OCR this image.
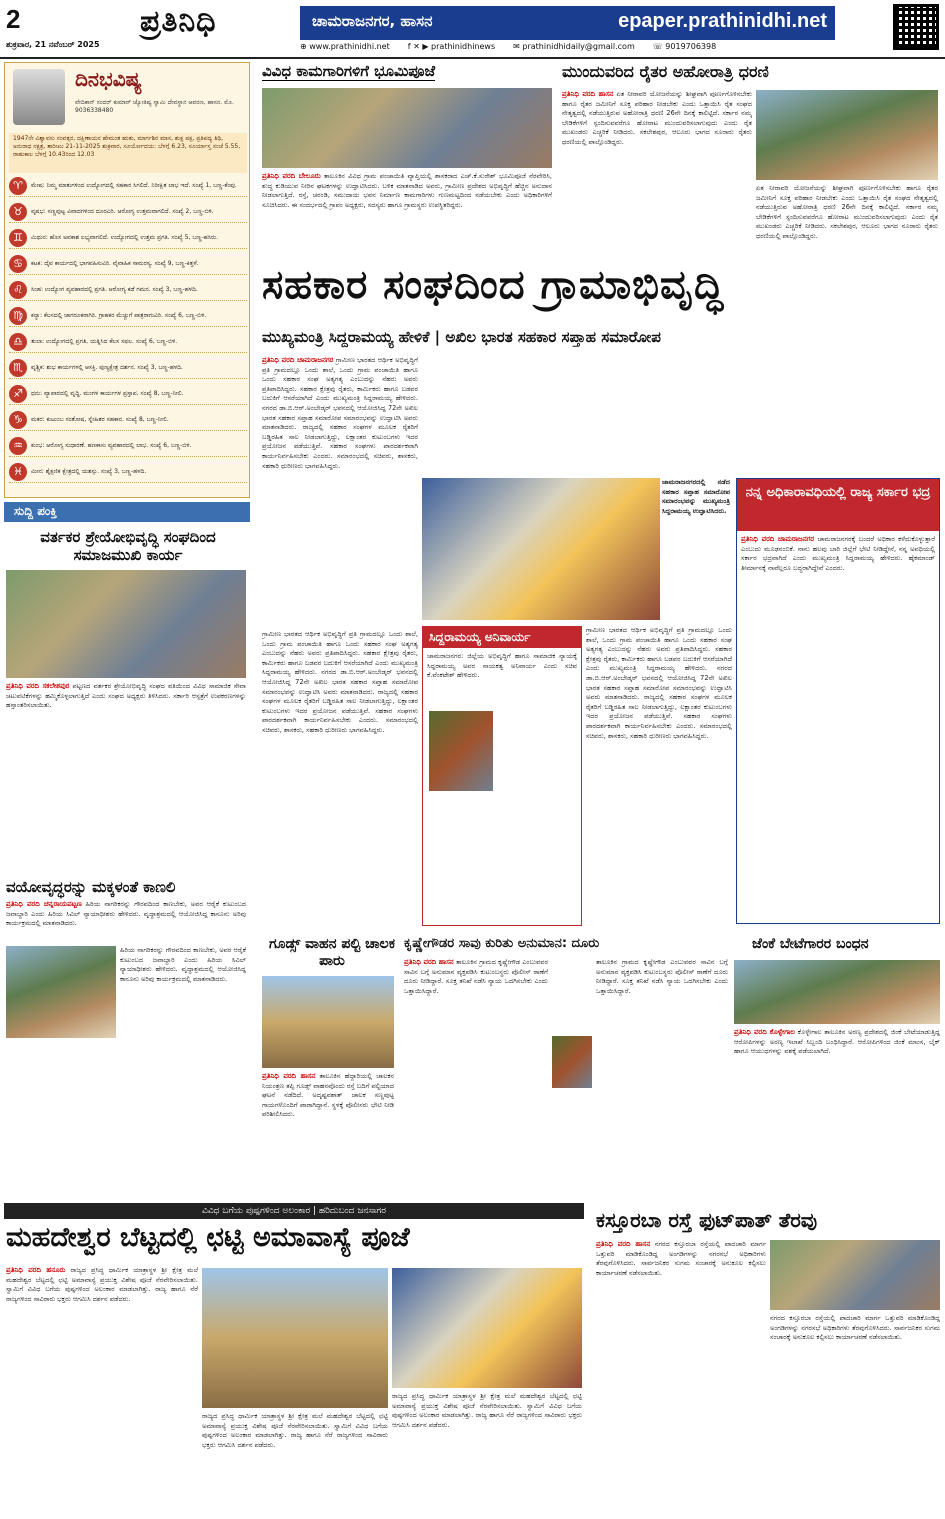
2
ಶುಕ್ರವಾರ, 21 ನವೆಂಬರ್ 2025
ಪ್ರತಿನಿಧಿ	ಚಾಮರಾಜನಗರ, ಹಾಸನ	epaper.prathinidhi.net
⊕ www.prathinidhi.net f ✕ ▶ prathinidhinews ✉ prathinidhidaily@gmail.com ☏ 9019706398
ದಿನಭವಿಷ್ಯ
ವೇದಿಕಾನ್ ಸಂದರ್ ಕುಮಾರ್ ಜ್ಯೋತಿಷ್ಯ ಸ್ವಾಮಿ ದೇವಸ್ಥಾನ ಆವರಣ, ಹಾಸನ. ಮೊ. 9036338480
1947ನೇ ವಿಶ್ವಾವಸು ಸಂವತ್ಸರ, ದಕ್ಷಿಣಾಯನ ಹೇಮಂತ ಋತು, ಮಾರ್ಗಶಿರ ಮಾಸ, ಶುಕ್ಲ ಪಕ್ಷ, ಪ್ರತಿಪದ್ಯ ತಿಥಿ, ಅನುರಾಧ ನಕ್ಷತ್ರ, ತಾರೀಖು 21-11-2025 ಶುಕ್ರವಾರ, ಸೂರ್ಯೋದಯ: ಬೆಳಗ್ಗೆ 6.23, ಸೂರ್ಯಾಸ್ತ ಸಂಜೆ 5.55, ರಾಹುಕಾಲ ಬೆಳಗ್ಗೆ 10.43ರಿಂದ 12.03
♈	ಮೇಷ: ನಿಮ್ಮ ಮಾತುಗಳಿಂದ ಉದ್ಯೋಗದಲ್ಲಿ ಸಹಕಾರ ಸಿಗಲಿದೆ. ನಿರೀಕ್ಷಿತ ಲಾಭ ಇದೆ. ಸಂಖ್ಯೆ 1, ಬಣ್ಣ-ಕೆಂಪು.
♉	ವೃಷಭ: ಸಣ್ಣಪುಟ್ಟ ವಿವಾದಗಳಿಂದ ದೂರವಿರಿ. ಆರೋಗ್ಯ ಉತ್ತಮವಾಗಲಿದೆ. ಸಂಖ್ಯೆ 2, ಬಣ್ಣ-ಬಿಳಿ.
♊	ಮಿಥುನ: ಹೊಸ ಅವಕಾಶ ಲಭ್ಯವಾಗಲಿದೆ. ಉದ್ಯೋಗದಲ್ಲಿ ಉತ್ತಮ ಪ್ರಗತಿ. ಸಂಖ್ಯೆ 5, ಬಣ್ಣ-ಹಸಿರು.
♋	ಕಟಕ: ದೈವ ಕಾರ್ಯದಲ್ಲಿ ಭಾಗವಹಿಸುವಿರಿ. ವೈವಾಹಿಕ ಸಾಮರಸ್ಯ. ಸಂಖ್ಯೆ 9, ಬಣ್ಣ-ಕಿತ್ತಳೆ.
♌	ಸಿಂಹ: ಉದ್ಯೋಗ ವ್ಯವಹಾರದಲ್ಲಿ ಪ್ರಗತಿ. ಆರೋಗ್ಯ ಕಡೆ ಗಮನ. ಸಂಖ್ಯೆ 3, ಬಣ್ಣ-ಹಳದಿ.
♍	ಕನ್ಯಾ: ಕೆಲಸದಲ್ಲಿ ಜಾಗರೂಕರಾಗಿರಿ. ಗ್ರಾಹಕರ ಮೆಚ್ಚುಗೆ ಪಾತ್ರರಾಗುವಿರಿ. ಸಂಖ್ಯೆ 6, ಬಣ್ಣ-ಬಿಳಿ.
♎	ತುಲಾ: ಉದ್ಯೋಗದಲ್ಲಿ ಪ್ರಗತಿ, ಯತ್ನಿಸಿದ ಕೆಲಸ ಸಫಲ. ಸಂಖ್ಯೆ 6, ಬಣ್ಣ-ಬಿಳಿ.
♏	ವೃಶ್ಚಿಕ: ಶುಭ ಕಾರ್ಯಗಳಲ್ಲಿ ಆಸಕ್ತಿ. ಪುಣ್ಯಕ್ಷೇತ್ರ ದರ್ಶನ. ಸಂಖ್ಯೆ 3, ಬಣ್ಣ-ಹಳದಿ.
♐	ಧನು: ವ್ಯಾಪಾರದಲ್ಲಿ ವೃದ್ಧಿ. ಮಂಗಳ ಕಾರ್ಯಗಳ ಪ್ರಸ್ತಾಪ. ಸಂಖ್ಯೆ 8, ಬಣ್ಣ-ನೀಲಿ.
♑	ಮಕರ: ಕುಟುಂಬ ಸಂತೋಷ, ಸ್ನೇಹಿತರ ಸಹಕಾರ. ಸಂಖ್ಯೆ 8, ಬಣ್ಣ-ನೀಲಿ.
♒	ಕುಂಭ: ಆರೋಗ್ಯ ಸುಧಾರಣೆ. ಹಣಕಾಸು ವ್ಯವಹಾರದಲ್ಲಿ ಲಾಭ. ಸಂಖ್ಯೆ 6, ಬಣ್ಣ-ಬಿಳಿ.
♓	ಮೀನ: ಶೈಕ್ಷಣಿಕ ಕ್ಷೇತ್ರದಲ್ಲಿ ಯಶಸ್ಸು. ಸಂಖ್ಯೆ 3, ಬಣ್ಣ-ಹಳದಿ.
ಸುದ್ದಿ ಪಂಕ್ತಿ
ವರ್ತಕರ ಶ್ರೇಯೋಭಿವೃದ್ಧಿ ಸಂಘದಿಂದ ಸಮಾಜಮುಖಿ ಕಾರ್ಯ
ಪ್ರತಿನಿಧಿ ವರದಿ ಸಕಲೇಶಪುರ ಪಟ್ಟಣದ ವರ್ತಕರ ಶ್ರೇಯೋಭಿವೃದ್ಧಿ ಸಂಘದ ವತಿಯಿಂದ ವಿವಿಧ ಸಾಮಾಜಿಕ ಸೇವಾ ಚಟುವಟಿಕೆಗಳನ್ನು ಹಮ್ಮಿಕೊಳ್ಳಲಾಗುತ್ತಿದೆ ಎಂದು ಸಂಘದ ಅಧ್ಯಕ್ಷರು ತಿಳಿಸಿದರು. ಸರ್ಕಾರಿ ಆಸ್ಪತ್ರೆಗೆ ಉಪಕರಣಗಳನ್ನು ಹಸ್ತಾಂತರಿಸಲಾಯಿತು.
ವಯೋವೃದ್ಧರನ್ನು ಮಕ್ಕಳಂತೆ ಕಾಣಲಿ
ಪ್ರತಿನಿಧಿ ವರದಿ ಚನ್ನರಾಯಪಟ್ಟಣ ಹಿರಿಯ ನಾಗರಿಕರನ್ನು ಗೌರವದಿಂದ ಕಾಣಬೇಕು, ಅವರ ಆರೈಕೆ ಕುಟುಂಬದ ಜವಾಬ್ದಾರಿ ಎಂದು ಹಿರಿಯ ಸಿವಿಲ್ ನ್ಯಾಯಾಧೀಶರು ಹೇಳಿದರು. ವೃದ್ಧಾಶ್ರಮದಲ್ಲಿ ಆಯೋಜಿಸಿದ್ದ ಕಾನೂನು ಅರಿವು ಕಾರ್ಯಕ್ರಮದಲ್ಲಿ ಮಾತನಾಡಿದರು.
ಹಿರಿಯ ನಾಗರಿಕರನ್ನು ಗೌರವದಿಂದ ಕಾಣಬೇಕು, ಅವರ ಆರೈಕೆ ಕುಟುಂಬದ ಜವಾಬ್ದಾರಿ ಎಂದು ಹಿರಿಯ ಸಿವಿಲ್ ನ್ಯಾಯಾಧೀಶರು ಹೇಳಿದರು. ವೃದ್ಧಾಶ್ರಮದಲ್ಲಿ ಆಯೋಜಿಸಿದ್ದ ಕಾನೂನು ಅರಿವು ಕಾರ್ಯಕ್ರಮದಲ್ಲಿ ಮಾತನಾಡಿದರು.
ವಿವಿಧ ಕಾಮಗಾರಿಗಳಿಗೆ ಭೂಮಿಪೂಜೆ
ಪ್ರತಿನಿಧಿ ವರದಿ ಬೇಲೂರು ತಾಲೂಕಿನ ವಿವಿಧ ಗ್ರಾಮ ಪಂಚಾಯಿತಿ ವ್ಯಾಪ್ತಿಯಲ್ಲಿ ಶಾಸಕರಾದ ಎಚ್.ಕೆ.ಸುರೇಶ್ ಭೂಮಿಪೂಜೆ ನೆರವೇರಿಸಿ, ಶುದ್ಧ ಕುಡಿಯುವ ನೀರಿನ ಘಟಕಗಳನ್ನು ಉದ್ಘಾಟಿಸಿದರು. ಬಳಿಕ ಮಾತನಾಡಿದ ಅವರು, ಗ್ರಾಮೀಣ ಪ್ರದೇಶದ ಅಭಿವೃದ್ಧಿಗೆ ಹೆಚ್ಚಿನ ಅನುದಾನ ನೀಡಲಾಗುತ್ತಿದೆ. ರಸ್ತೆ, ಚರಂಡಿ, ಸಮುದಾಯ ಭವನ ನಿರ್ಮಾಣ ಕಾಮಗಾರಿಗಳು ಗುಣಮಟ್ಟದಿಂದ ನಡೆಯಬೇಕು ಎಂದು ಅಧಿಕಾರಿಗಳಿಗೆ ಸೂಚಿಸಿದರು. ಈ ಸಂದರ್ಭದಲ್ಲಿ ಗ್ರಾಪಂ ಅಧ್ಯಕ್ಷರು, ಸದಸ್ಯರು ಹಾಗೂ ಗ್ರಾಮಸ್ಥರು ಉಪಸ್ಥಿತರಿದ್ದರು.
ಮುಂದುವರಿದ ರೈತರ ಅಹೋರಾತ್ರಿ ಧರಣಿ
ಪ್ರತಿನಿಧಿ ವರದಿ ಹಾಸನ ಏತ ನೀರಾವರಿ ಯೋಜನೆಯನ್ನು ಶೀಘ್ರವಾಗಿ ಪೂರ್ಣಗೊಳಿಸಬೇಕು ಹಾಗೂ ರೈತರ ಜಮೀನಿಗೆ ಸೂಕ್ತ ಪರಿಹಾರ ನೀಡಬೇಕು ಎಂದು ಒತ್ತಾಯಿಸಿ ರೈತ ಸಂಘದ ನೇತೃತ್ವದಲ್ಲಿ ನಡೆಯುತ್ತಿರುವ ಅಹೋರಾತ್ರಿ ಧರಣಿ 26ನೇ ದಿನಕ್ಕೆ ಕಾಲಿಟ್ಟಿದೆ. ಸರ್ಕಾರ ನಮ್ಮ ಬೇಡಿಕೆಗಳಿಗೆ ಸ್ಪಂದಿಸುವವರೆಗೂ ಹೋರಾಟ ಮುಂದುವರಿಸಲಾಗುವುದು ಎಂದು ರೈತ ಮುಖಂಡರು ಎಚ್ಚರಿಕೆ ನೀಡಿದರು. ಸಕಲೇಶಪುರ, ಆಲೂರು ಭಾಗದ ನೂರಾರು ರೈತರು ಧರಣಿಯಲ್ಲಿ ಪಾಲ್ಗೊಂಡಿದ್ದರು.
ಏತ ನೀರಾವರಿ ಯೋಜನೆಯನ್ನು ಶೀಘ್ರವಾಗಿ ಪೂರ್ಣಗೊಳಿಸಬೇಕು ಹಾಗೂ ರೈತರ ಜಮೀನಿಗೆ ಸೂಕ್ತ ಪರಿಹಾರ ನೀಡಬೇಕು ಎಂದು ಒತ್ತಾಯಿಸಿ ರೈತ ಸಂಘದ ನೇತೃತ್ವದಲ್ಲಿ ನಡೆಯುತ್ತಿರುವ ಅಹೋರಾತ್ರಿ ಧರಣಿ 26ನೇ ದಿನಕ್ಕೆ ಕಾಲಿಟ್ಟಿದೆ. ಸರ್ಕಾರ ನಮ್ಮ ಬೇಡಿಕೆಗಳಿಗೆ ಸ್ಪಂದಿಸುವವರೆಗೂ ಹೋರಾಟ ಮುಂದುವರಿಸಲಾಗುವುದು ಎಂದು ರೈತ ಮುಖಂಡರು ಎಚ್ಚರಿಕೆ ನೀಡಿದರು. ಸಕಲೇಶಪುರ, ಆಲೂರು ಭಾಗದ ನೂರಾರು ರೈತರು ಧರಣಿಯಲ್ಲಿ ಪಾಲ್ಗೊಂಡಿದ್ದರು.
ಸಹಕಾರ ಸಂಘದಿಂದ ಗ್ರಾಮಾಭಿವೃದ್ಧಿ
ಮುಖ್ಯಮಂತ್ರಿ ಸಿದ್ದರಾಮಯ್ಯ ಹೇಳಿಕೆ | ಅಖಿಲ ಭಾರತ ಸಹಕಾರ ಸಪ್ತಾಹ ಸಮಾರೋಪ
ಪ್ರತಿನಿಧಿ ವರದಿ ಚಾಮರಾಜನಗರ ಗ್ರಾಮೀಣ ಭಾರತದ ಆರ್ಥಿಕ ಅಭಿವೃದ್ಧಿಗೆ ಪ್ರತಿ ಗ್ರಾಮದಲ್ಲೂ ಒಂದು ಶಾಲೆ, ಒಂದು ಗ್ರಾಮ ಪಂಚಾಯಿತಿ ಹಾಗೂ ಒಂದು ಸಹಕಾರ ಸಂಘ ಅತ್ಯಗತ್ಯ ಎಂಬುದನ್ನು ನೆಹರು ಅವರು ಪ್ರತಿಪಾದಿಸಿದ್ದರು. ಸಹಕಾರ ಕ್ಷೇತ್ರವು ರೈತರು, ಕಾರ್ಮಿಕರು ಹಾಗೂ ಬಡವರ ಬದುಕಿಗೆ ಆಸರೆಯಾಗಿದೆ ಎಂದು ಮುಖ್ಯಮಂತ್ರಿ ಸಿದ್ದರಾಮಯ್ಯ ಹೇಳಿದರು. ನಗರದ ಡಾ.ಬಿ.ಆರ್.ಅಂಬೇಡ್ಕರ್ ಭವನದಲ್ಲಿ ಆಯೋಜಿಸಿದ್ದ 72ನೇ ಅಖಿಲ ಭಾರತ ಸಹಕಾರ ಸಪ್ತಾಹ ಸಮಾರೋಪ ಸಮಾರಂಭವನ್ನು ಉದ್ಘಾಟಿಸಿ ಅವರು ಮಾತನಾಡಿದರು. ರಾಜ್ಯದಲ್ಲಿ ಸಹಕಾರ ಸಂಘಗಳ ಮೂಲಕ ರೈತರಿಗೆ ಬಡ್ಡಿರಹಿತ ಸಾಲ ನೀಡಲಾಗುತ್ತಿದ್ದು, ಲಕ್ಷಾಂತರ ಕುಟುಂಬಗಳು ಇದರ ಪ್ರಯೋಜನ ಪಡೆಯುತ್ತಿವೆ. ಸಹಕಾರ ಸಂಘಗಳು ಪಾರದರ್ಶಕವಾಗಿ ಕಾರ್ಯನಿರ್ವಹಿಸಬೇಕು ಎಂದರು. ಸಮಾರಂಭದಲ್ಲಿ ಸಚಿವರು, ಶಾಸಕರು, ಸಹಕಾರಿ ಧುರೀಣರು ಭಾಗವಹಿಸಿದ್ದರು.
ಚಾಮರಾಜನಗರದಲ್ಲಿ ನಡೆದ ಸಹಕಾರ ಸಪ್ತಾಹ ಸಮಾರೋಪ ಸಮಾರಂಭವನ್ನು ಮುಖ್ಯಮಂತ್ರಿ ಸಿದ್ದರಾಮಯ್ಯ ಉದ್ಘಾಟಿಸಿದರು.
ನನ್ನ ಅಧಿಕಾರಾವಧಿಯಲ್ಲಿ ರಾಜ್ಯ ಸರ್ಕಾರ ಭದ್ರ
ಪ್ರತಿನಿಧಿ ವರದಿ ಚಾಮರಾಜನಗರ ಚಾಮರಾಜನಗರಕ್ಕೆ ಬಂದರೆ ಅಧಿಕಾರ ಕಳೆದುಕೊಳ್ಳುತ್ತಾರೆ ಎಂಬುದು ಮೂಢನಂಬಿಕೆ. ನಾನು ಹಲವು ಬಾರಿ ಜಿಲ್ಲೆಗೆ ಭೇಟಿ ನೀಡಿದ್ದೇನೆ, ನನ್ನ ಅವಧಿಯಲ್ಲಿ ಸರ್ಕಾರ ಭದ್ರವಾಗಿದೆ ಎಂದು ಮುಖ್ಯಮಂತ್ರಿ ಸಿದ್ದರಾಮಯ್ಯ ಹೇಳಿದರು. ಹೈಕಮಾಂಡ್ ತೀರ್ಮಾನಕ್ಕೆ ನಾವೆಲ್ಲರೂ ಬದ್ಧರಾಗಿದ್ದೇವೆ ಎಂದರು.
ಗ್ರಾಮೀಣ ಭಾರತದ ಆರ್ಥಿಕ ಅಭಿವೃದ್ಧಿಗೆ ಪ್ರತಿ ಗ್ರಾಮದಲ್ಲೂ ಒಂದು ಶಾಲೆ, ಒಂದು ಗ್ರಾಮ ಪಂಚಾಯಿತಿ ಹಾಗೂ ಒಂದು ಸಹಕಾರ ಸಂಘ ಅತ್ಯಗತ್ಯ ಎಂಬುದನ್ನು ನೆಹರು ಅವರು ಪ್ರತಿಪಾದಿಸಿದ್ದರು. ಸಹಕಾರ ಕ್ಷೇತ್ರವು ರೈತರು, ಕಾರ್ಮಿಕರು ಹಾಗೂ ಬಡವರ ಬದುಕಿಗೆ ಆಸರೆಯಾಗಿದೆ ಎಂದು ಮುಖ್ಯಮಂತ್ರಿ ಸಿದ್ದರಾಮಯ್ಯ ಹೇಳಿದರು. ನಗರದ ಡಾ.ಬಿ.ಆರ್.ಅಂಬೇಡ್ಕರ್ ಭವನದಲ್ಲಿ ಆಯೋಜಿಸಿದ್ದ 72ನೇ ಅಖಿಲ ಭಾರತ ಸಹಕಾರ ಸಪ್ತಾಹ ಸಮಾರೋಪ ಸಮಾರಂಭವನ್ನು ಉದ್ಘಾಟಿಸಿ ಅವರು ಮಾತನಾಡಿದರು. ರಾಜ್ಯದಲ್ಲಿ ಸಹಕಾರ ಸಂಘಗಳ ಮೂಲಕ ರೈತರಿಗೆ ಬಡ್ಡಿರಹಿತ ಸಾಲ ನೀಡಲಾಗುತ್ತಿದ್ದು, ಲಕ್ಷಾಂತರ ಕುಟುಂಬಗಳು ಇದರ ಪ್ರಯೋಜನ ಪಡೆಯುತ್ತಿವೆ. ಸಹಕಾರ ಸಂಘಗಳು ಪಾರದರ್ಶಕವಾಗಿ ಕಾರ್ಯನಿರ್ವಹಿಸಬೇಕು ಎಂದರು. ಸಮಾರಂಭದಲ್ಲಿ ಸಚಿವರು, ಶಾಸಕರು, ಸಹಕಾರಿ ಧುರೀಣರು ಭಾಗವಹಿಸಿದ್ದರು.
ಸಿದ್ದರಾಮಯ್ಯ ಅನಿವಾರ್ಯ
ಚಾಮರಾಜನಗರ: ಜಿಲ್ಲೆಯ ಅಭಿವೃದ್ಧಿಗೆ ಹಾಗೂ ಸಾಮಾಜಿಕ ನ್ಯಾಯಕ್ಕೆ ಸಿದ್ದರಾಮಯ್ಯ ಅವರ ನಾಯಕತ್ವ ಅನಿವಾರ್ಯ ಎಂದು ಸಚಿವ ಕೆ.ವೆಂಕಟೇಶ್ ಹೇಳಿದರು.
ಗ್ರಾಮೀಣ ಭಾರತದ ಆರ್ಥಿಕ ಅಭಿವೃದ್ಧಿಗೆ ಪ್ರತಿ ಗ್ರಾಮದಲ್ಲೂ ಒಂದು ಶಾಲೆ, ಒಂದು ಗ್ರಾಮ ಪಂಚಾಯಿತಿ ಹಾಗೂ ಒಂದು ಸಹಕಾರ ಸಂಘ ಅತ್ಯಗತ್ಯ ಎಂಬುದನ್ನು ನೆಹರು ಅವರು ಪ್ರತಿಪಾದಿಸಿದ್ದರು. ಸಹಕಾರ ಕ್ಷೇತ್ರವು ರೈತರು, ಕಾರ್ಮಿಕರು ಹಾಗೂ ಬಡವರ ಬದುಕಿಗೆ ಆಸರೆಯಾಗಿದೆ ಎಂದು ಮುಖ್ಯಮಂತ್ರಿ ಸಿದ್ದರಾಮಯ್ಯ ಹೇಳಿದರು. ನಗರದ ಡಾ.ಬಿ.ಆರ್.ಅಂಬೇಡ್ಕರ್ ಭವನದಲ್ಲಿ ಆಯೋಜಿಸಿದ್ದ 72ನೇ ಅಖಿಲ ಭಾರತ ಸಹಕಾರ ಸಪ್ತಾಹ ಸಮಾರೋಪ ಸಮಾರಂಭವನ್ನು ಉದ್ಘಾಟಿಸಿ ಅವರು ಮಾತನಾಡಿದರು. ರಾಜ್ಯದಲ್ಲಿ ಸಹಕಾರ ಸಂಘಗಳ ಮೂಲಕ ರೈತರಿಗೆ ಬಡ್ಡಿರಹಿತ ಸಾಲ ನೀಡಲಾಗುತ್ತಿದ್ದು, ಲಕ್ಷಾಂತರ ಕುಟುಂಬಗಳು ಇದರ ಪ್ರಯೋಜನ ಪಡೆಯುತ್ತಿವೆ. ಸಹಕಾರ ಸಂಘಗಳು ಪಾರದರ್ಶಕವಾಗಿ ಕಾರ್ಯನಿರ್ವಹಿಸಬೇಕು ಎಂದರು. ಸಮಾರಂಭದಲ್ಲಿ ಸಚಿವರು, ಶಾಸಕರು, ಸಹಕಾರಿ ಧುರೀಣರು ಭಾಗವಹಿಸಿದ್ದರು.
ಗೂಡ್ಸ್ ವಾಹನ ಪಲ್ಟಿ ಚಾಲಕ ಪಾರು
ಪ್ರತಿನಿಧಿ ವರದಿ ಹಾಸನ ತಾಲೂಕಿನ ಹೆದ್ದಾರಿಯಲ್ಲಿ ಚಾಲಕನ ನಿಯಂತ್ರಣ ತಪ್ಪಿ ಗೂಡ್ಸ್ ವಾಹನವೊಂದು ರಸ್ತೆ ಬದಿಗೆ ಪಲ್ಟಿಯಾದ ಘಟನೆ ನಡೆದಿದೆ. ಅದೃಷ್ಟವಶಾತ್ ಚಾಲಕ ಸಣ್ಣಪುಟ್ಟ ಗಾಯಗಳೊಂದಿಗೆ ಪಾರಾಗಿದ್ದಾನೆ. ಸ್ಥಳಕ್ಕೆ ಪೊಲೀಸರು ಭೇಟಿ ನೀಡಿ ಪರಿಶೀಲಿಸಿದರು.
ಕೃಷ್ಣೇಗೌಡರ ಸಾವು ಕುರಿತು ಅನುಮಾನ: ದೂರು
ಪ್ರತಿನಿಧಿ ವರದಿ ಹಾಸನ ತಾಲೂಕಿನ ಗ್ರಾಮದ ಕೃಷ್ಣೇಗೌಡ ಎಂಬುವವರ ಸಾವಿನ ಬಗ್ಗೆ ಅನುಮಾನ ವ್ಯಕ್ತಪಡಿಸಿ ಕುಟುಂಬಸ್ಥರು ಪೊಲೀಸ್ ಠಾಣೆಗೆ ದೂರು ನೀಡಿದ್ದಾರೆ. ಸೂಕ್ತ ತನಿಖೆ ನಡೆಸಿ ನ್ಯಾಯ ಒದಗಿಸಬೇಕು ಎಂದು ಒತ್ತಾಯಿಸಿದ್ದಾರೆ.
ತಾಲೂಕಿನ ಗ್ರಾಮದ ಕೃಷ್ಣೇಗೌಡ ಎಂಬುವವರ ಸಾವಿನ ಬಗ್ಗೆ ಅನುಮಾನ ವ್ಯಕ್ತಪಡಿಸಿ ಕುಟುಂಬಸ್ಥರು ಪೊಲೀಸ್ ಠಾಣೆಗೆ ದೂರು ನೀಡಿದ್ದಾರೆ. ಸೂಕ್ತ ತನಿಖೆ ನಡೆಸಿ ನ್ಯಾಯ ಒದಗಿಸಬೇಕು ಎಂದು ಒತ್ತಾಯಿಸಿದ್ದಾರೆ.
ಜೆಂಕೆ ಬೇಟೆಗಾರರ ಬಂಧನ
ಪ್ರತಿನಿಧಿ ವರದಿ ಕೊಳ್ಳೇಗಾಲ ಕೊಳ್ಳೇಗಾಲ ತಾಲೂಕಿನ ಅರಣ್ಯ ಪ್ರದೇಶದಲ್ಲಿ ಜಿಂಕೆ ಬೇಟೆಯಾಡುತ್ತಿದ್ದ ಆರೋಪಿಗಳನ್ನು ಅರಣ್ಯ ಇಲಾಖೆ ಸಿಬ್ಬಂದಿ ಬಂಧಿಸಿದ್ದಾರೆ. ಆರೋಪಿಗಳಿಂದ ಜಿಂಕೆ ಮಾಂಸ, ಬೈಕ್ ಹಾಗೂ ಆಯುಧಗಳನ್ನು ವಶಕ್ಕೆ ಪಡೆಯಲಾಗಿದೆ.
ವಿವಿಧ ಬಗೆಯ ಪುಷ್ಪಗಳಿಂದ ಅಲಂಕಾರ | ಹರಿದುಬಂದ ಜನಸಾಗರ
ಮಹದೇಶ್ವರ ಬೆಟ್ಟದಲ್ಲಿ ಛಟ್ಟಿ ಅಮಾವಾಸ್ಯೆ ಪೂಜೆ
ಪ್ರತಿನಿಧಿ ವರದಿ ಹನೂರು ರಾಜ್ಯದ ಪ್ರಸಿದ್ಧ ಧಾರ್ಮಿಕ ಯಾತ್ರಾಸ್ಥಳ ಶ್ರೀ ಕ್ಷೇತ್ರ ಮಲೆ ಮಹದೇಶ್ವರ ಬೆಟ್ಟದಲ್ಲಿ ಛಟ್ಟಿ ಅಮಾವಾಸ್ಯೆ ಪ್ರಯುಕ್ತ ವಿಶೇಷ ಪೂಜೆ ನೆರವೇರಿಸಲಾಯಿತು. ಸ್ವಾಮಿಗೆ ವಿವಿಧ ಬಗೆಯ ಪುಷ್ಪಗಳಿಂದ ಅಲಂಕಾರ ಮಾಡಲಾಗಿತ್ತು. ರಾಜ್ಯ ಹಾಗೂ ನೆರೆ ರಾಜ್ಯಗಳಿಂದ ಸಾವಿರಾರು ಭಕ್ತರು ಆಗಮಿಸಿ ದರ್ಶನ ಪಡೆದರು.
ರಾಜ್ಯದ ಪ್ರಸಿದ್ಧ ಧಾರ್ಮಿಕ ಯಾತ್ರಾಸ್ಥಳ ಶ್ರೀ ಕ್ಷೇತ್ರ ಮಲೆ ಮಹದೇಶ್ವರ ಬೆಟ್ಟದಲ್ಲಿ ಛಟ್ಟಿ ಅಮಾವಾಸ್ಯೆ ಪ್ರಯುಕ್ತ ವಿಶೇಷ ಪೂಜೆ ನೆರವೇರಿಸಲಾಯಿತು. ಸ್ವಾಮಿಗೆ ವಿವಿಧ ಬಗೆಯ ಪುಷ್ಪಗಳಿಂದ ಅಲಂಕಾರ ಮಾಡಲಾಗಿತ್ತು. ರಾಜ್ಯ ಹಾಗೂ ನೆರೆ ರಾಜ್ಯಗಳಿಂದ ಸಾವಿರಾರು ಭಕ್ತರು ಆಗಮಿಸಿ ದರ್ಶನ ಪಡೆದರು.
ರಾಜ್ಯದ ಪ್ರಸಿದ್ಧ ಧಾರ್ಮಿಕ ಯಾತ್ರಾಸ್ಥಳ ಶ್ರೀ ಕ್ಷೇತ್ರ ಮಲೆ ಮಹದೇಶ್ವರ ಬೆಟ್ಟದಲ್ಲಿ ಛಟ್ಟಿ ಅಮಾವಾಸ್ಯೆ ಪ್ರಯುಕ್ತ ವಿಶೇಷ ಪೂಜೆ ನೆರವೇರಿಸಲಾಯಿತು. ಸ್ವಾಮಿಗೆ ವಿವಿಧ ಬಗೆಯ ಪುಷ್ಪಗಳಿಂದ ಅಲಂಕಾರ ಮಾಡಲಾಗಿತ್ತು. ರಾಜ್ಯ ಹಾಗೂ ನೆರೆ ರಾಜ್ಯಗಳಿಂದ ಸಾವಿರಾರು ಭಕ್ತರು ಆಗಮಿಸಿ ದರ್ಶನ ಪಡೆದರು.
ಕಸ್ತೂರಬಾ ರಸ್ತೆ ಫುಟ್‌ಪಾತ್ ತೆರವು
ಪ್ರತಿನಿಧಿ ವರದಿ ಹಾಸನ ನಗರದ ಕಸ್ತೂರಬಾ ರಸ್ತೆಯಲ್ಲಿ ಪಾದಚಾರಿ ಮಾರ್ಗ ಒತ್ತುವರಿ ಮಾಡಿಕೊಂಡಿದ್ದ ಅಂಗಡಿಗಳನ್ನು ನಗರಸಭೆ ಅಧಿಕಾರಿಗಳು ತೆರವುಗೊಳಿಸಿದರು. ಸಾರ್ವಜನಿಕರ ಸುಗಮ ಸಂಚಾರಕ್ಕೆ ಅನುಕೂಲ ಕಲ್ಪಿಸಲು ಕಾರ್ಯಾಚರಣೆ ನಡೆಸಲಾಯಿತು.
ನಗರದ ಕಸ್ತೂರಬಾ ರಸ್ತೆಯಲ್ಲಿ ಪಾದಚಾರಿ ಮಾರ್ಗ ಒತ್ತುವರಿ ಮಾಡಿಕೊಂಡಿದ್ದ ಅಂಗಡಿಗಳನ್ನು ನಗರಸಭೆ ಅಧಿಕಾರಿಗಳು ತೆರವುಗೊಳಿಸಿದರು. ಸಾರ್ವಜನಿಕರ ಸುಗಮ ಸಂಚಾರಕ್ಕೆ ಅನುಕೂಲ ಕಲ್ಪಿಸಲು ಕಾರ್ಯಾಚರಣೆ ನಡೆಸಲಾಯಿತು.
